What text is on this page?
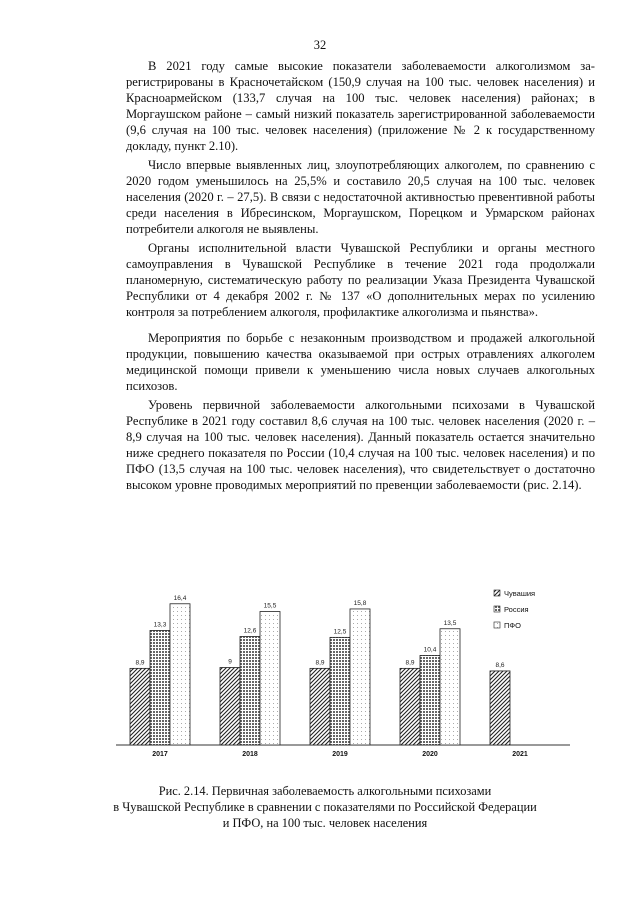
32

В 2021 году самые высокие показатели заболеваемости алкоголизмом зарегистрированы в Красночетайском (150,9 случая на 100 тыс. человек населения) и Красноармейском (133,7 случая на 100 тыс. человек населения) районах; в Моргаушском районе – самый низкий показатель зарегистрированной заболеваемости (9,6 случая на 100 тыс. человек населения) (приложение № 2 к государственному докладу, пункт 2.10).

Число впервые выявленных лиц, злоупотребляющих алкоголем, по сравнению с 2020 годом уменьшилось на 25,5% и составило 20,5 случая на 100 тыс. человек населения (2020 г. – 27,5). В связи с недостаточной активностью превентивной работы среди населения в Ибресинском, Моргаушском, Порецком и Урмарском районах потребители алкоголя не выявлены.

Органы исполнительной власти Чувашской Республики и органы местного самоуправления в Чувашской Республике в течение 2021 года продолжали планомерную, систематическую работу по реализации Указа Президента Чувашской Республики от 4 декабря 2002 г. № 137 «О дополнительных мерах по усилению контроля за потреблением алкоголя, профилактике алкоголизма и пьянства».

Мероприятия по борьбе с незаконным производством и продажей алкогольной продукции, повышению качества оказываемой при острых отравлениях алкоголем медицинской помощи привели к уменьшению числа новых случаев алкогольных психозов.

Уровень первичной заболеваемости алкогольными психозами в Чувашской Республике в 2021 году составил 8,6 случая на 100 тыс. человек населения (2020 г. – 8,9 случая на 100 тыс. человек населения). Данный показатель остается значительно ниже среднего показателя по России (10,4 случая на 100 тыс. человек населения) и по ПФО (13,5 случая на 100 тыс. человек населения), что свидетельствует о достаточно высоком уровне проводимых мероприятий по превенции заболеваемости (рис. 2.14).

8,9
13,3
16,4
2017
9
12,6
15,5
2018
8,9
12,5
15,8
2019
8,9
10,4
13,5
2020
8,6
2021
Чувашия
Россия
ПФО
Рис. 2.14. Первичная заболеваемость алкогольными психозами
в Чувашской Республике в сравнении с показателями по Российской Федерации
и ПФО, на 100 тыс. человек населения
